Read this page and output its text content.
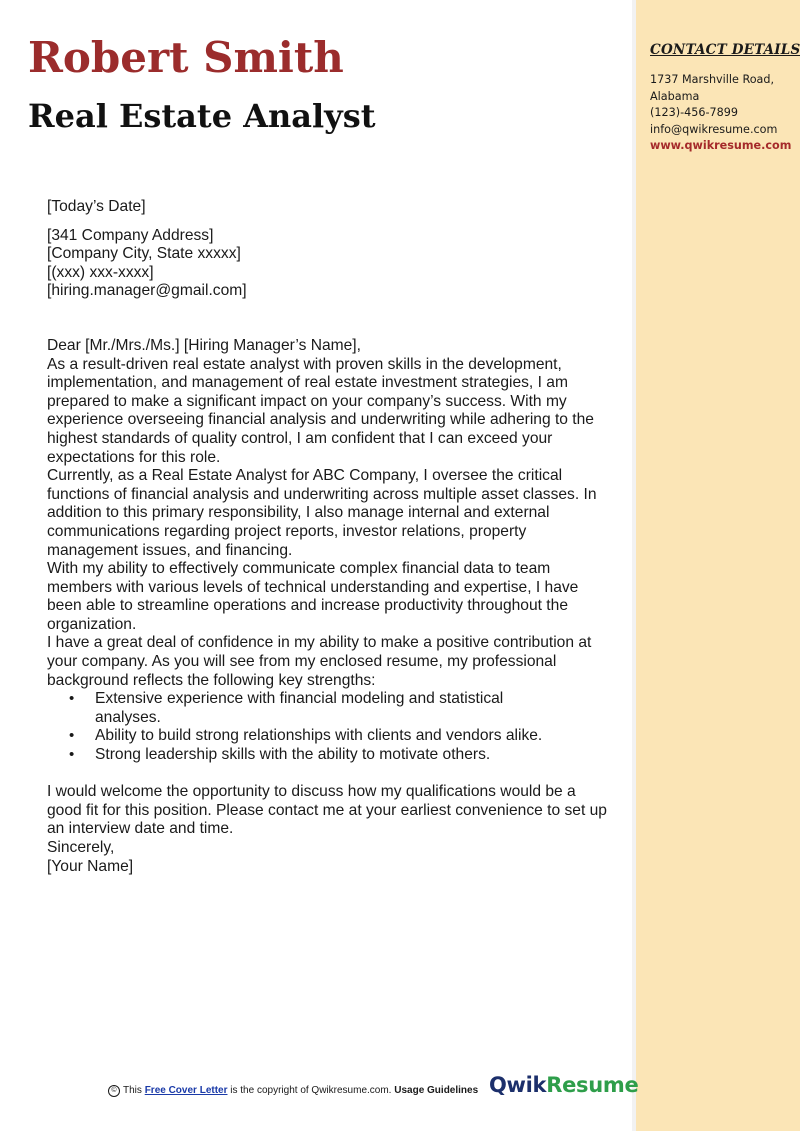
Robert Smith
Real Estate Analyst
CONTACT DETAILS
1737 Marshville Road,
Alabama
(123)-456-7899
info@qwikresume.com
www.qwikresume.com

[Today’s Date]

[341 Company Address]

[Company City, State xxxxx]

[(xxx) xxx-xxxx]

[hiring.manager@gmail.com]

Dear [Mr./Mrs./Ms.] [Hiring Manager’s Name],

As a result-driven real estate analyst with proven skills in the development, implementation, and management of real estate investment strategies, I am prepared to make a significant impact on your company’s success. With my experience overseeing financial analysis and underwriting while adhering to the highest standards of quality control, I am confident that I can exceed your expectations for this role.

Currently, as a Real Estate Analyst for ABC Company, I oversee the critical functions of financial analysis and underwriting across multiple asset classes. In addition to this primary responsibility, I also manage internal and external communications regarding project reports, investor relations, property management issues, and financing.

With my ability to effectively communicate complex financial data to team members with various levels of technical understanding and expertise, I have been able to streamline operations and increase productivity throughout the organization.

I have a great deal of confidence in my ability to make a positive contribution at your company. As you will see from my enclosed resume, my professional background reflects the following key strengths:

• Extensive experience with financial modeling and statistical analyses.
• Ability to build strong relationships with clients and vendors alike.
• Strong leadership skills with the ability to motivate others.

I would welcome the opportunity to discuss how my qualifications would be a good fit for this position. Please contact me at your earliest convenience to set up an interview date and time.

Sincerely,

[Your Name]

© This Free Cover Letter is the copyright of Qwikresume.com. Usage Guidelines QwikResume
